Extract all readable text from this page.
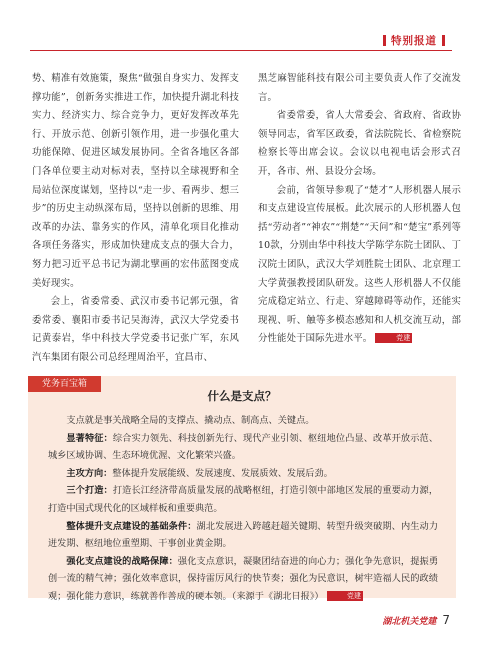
特别报道

势、精准有效施策，聚焦“做强自身实力、发挥支撑功能”，创新务实推进工作，加快提升湖北科技实力、经济实力、综合竞争力，更好发挥改革先行、开放示范、创新引领作用，进一步强化重大功能保障、促进区域发展协同。全省各地区各部门各单位要主动对标对表，坚持以全球视野和全局站位深度谋划，坚持以“走一步、看两步、想三步”的历史主动纵深布局，坚持以创新的思维、用改革的办法、靠务实的作风，清单化项目化推动各项任务落实，形成加快建成支点的强大合力，努力把习近平总书记为湖北擘画的宏伟蓝图变成美好现实。

会上，省委常委、武汉市委书记郭元强，省委常委、襄阳市委书记吴海涛，武汉大学党委书记黄泰岩，华中科技大学党委书记张广军，东风汽车集团有限公司总经理周治平，宜昌市、

黑芝麻智能科技有限公司主要负责人作了交流发言。

省委常委，省人大常委会、省政府、省政协领导同志，省军区政委，省法院院长、省检察院检察长等出席会议。会议以电视电话会形式召开，各市、州、县设分会场。

会前，省领导参观了“楚才”人形机器人展示和支点建设宣传展板。此次展示的人形机器人包括“劳动者”“神农”“荆楚”“天问”和“楚宝”系列等10款，分别由华中科技大学陈学东院士团队、丁汉院士团队，武汉大学刘胜院士团队、北京理工大学黄强教授团队研发。这些人形机器人不仅能完成稳定站立、行走、穿越障碍等动作，还能实现视、听、触等多模态感知和人机交流互动，部分性能处于国际先进水平。	党建

党务百宝箱
什么是支点？

支点就是事关战略全局的支撑点、撬动点、制高点、关键点。

显著特征：综合实力领先、科技创新先行、现代产业引领、枢纽地位凸显、改革开放示范、城乡区域协调、生态环境优渥、文化繁荣兴盛。

主攻方向：整体提升发展能级、发展速度、发展质效、发展后劲。

三个打造：打造长江经济带高质量发展的战略枢纽，打造引领中部地区发展的重要动力源，打造中国式现代化的区域样板和重要典范。

整体提升支点建设的基础条件：湖北发展进入跨越赶超关键期、转型升级突破期、内生动力迸发期、枢纽地位重塑期、干事创业黄金期。

强化支点建设的战略保障：强化支点意识，凝聚团结奋进的向心力；强化争先意识，提振勇创一流的精气神；强化效率意识，保持雷厉风行的快节奏；强化为民意识，树牢造福人民的政绩观；强化能力意识，练就善作善成的硬本领。（来源于《湖北日报》）	党建

湖北机关党建 7
